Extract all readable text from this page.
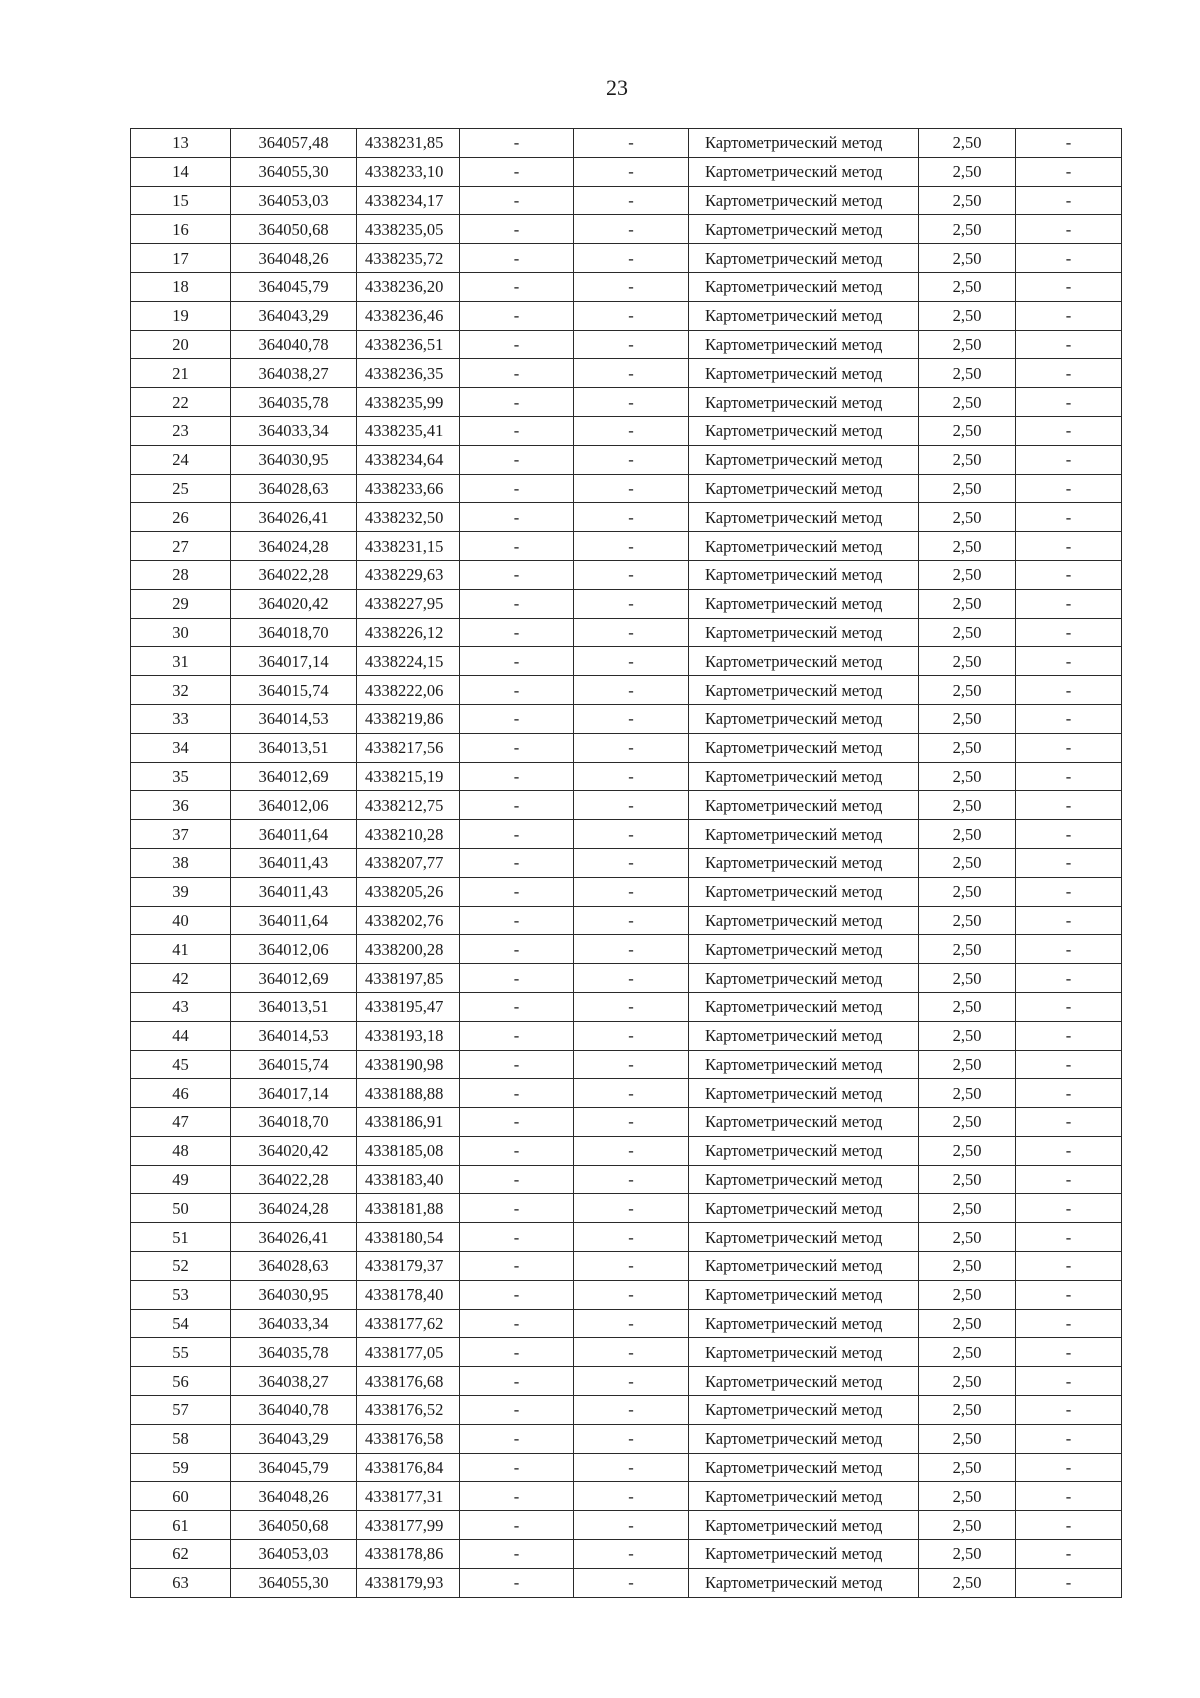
23
13	364057,48	4338231,85	-	-	Картометрический метод	2,50	-
14	364055,30	4338233,10	-	-	Картометрический метод	2,50	-
15	364053,03	4338234,17	-	-	Картометрический метод	2,50	-
16	364050,68	4338235,05	-	-	Картометрический метод	2,50	-
17	364048,26	4338235,72	-	-	Картометрический метод	2,50	-
18	364045,79	4338236,20	-	-	Картометрический метод	2,50	-
19	364043,29	4338236,46	-	-	Картометрический метод	2,50	-
20	364040,78	4338236,51	-	-	Картометрический метод	2,50	-
21	364038,27	4338236,35	-	-	Картометрический метод	2,50	-
22	364035,78	4338235,99	-	-	Картометрический метод	2,50	-
23	364033,34	4338235,41	-	-	Картометрический метод	2,50	-
24	364030,95	4338234,64	-	-	Картометрический метод	2,50	-
25	364028,63	4338233,66	-	-	Картометрический метод	2,50	-
26	364026,41	4338232,50	-	-	Картометрический метод	2,50	-
27	364024,28	4338231,15	-	-	Картометрический метод	2,50	-
28	364022,28	4338229,63	-	-	Картометрический метод	2,50	-
29	364020,42	4338227,95	-	-	Картометрический метод	2,50	-
30	364018,70	4338226,12	-	-	Картометрический метод	2,50	-
31	364017,14	4338224,15	-	-	Картометрический метод	2,50	-
32	364015,74	4338222,06	-	-	Картометрический метод	2,50	-
33	364014,53	4338219,86	-	-	Картометрический метод	2,50	-
34	364013,51	4338217,56	-	-	Картометрический метод	2,50	-
35	364012,69	4338215,19	-	-	Картометрический метод	2,50	-
36	364012,06	4338212,75	-	-	Картометрический метод	2,50	-
37	364011,64	4338210,28	-	-	Картометрический метод	2,50	-
38	364011,43	4338207,77	-	-	Картометрический метод	2,50	-
39	364011,43	4338205,26	-	-	Картометрический метод	2,50	-
40	364011,64	4338202,76	-	-	Картометрический метод	2,50	-
41	364012,06	4338200,28	-	-	Картометрический метод	2,50	-
42	364012,69	4338197,85	-	-	Картометрический метод	2,50	-
43	364013,51	4338195,47	-	-	Картометрический метод	2,50	-
44	364014,53	4338193,18	-	-	Картометрический метод	2,50	-
45	364015,74	4338190,98	-	-	Картометрический метод	2,50	-
46	364017,14	4338188,88	-	-	Картометрический метод	2,50	-
47	364018,70	4338186,91	-	-	Картометрический метод	2,50	-
48	364020,42	4338185,08	-	-	Картометрический метод	2,50	-
49	364022,28	4338183,40	-	-	Картометрический метод	2,50	-
50	364024,28	4338181,88	-	-	Картометрический метод	2,50	-
51	364026,41	4338180,54	-	-	Картометрический метод	2,50	-
52	364028,63	4338179,37	-	-	Картометрический метод	2,50	-
53	364030,95	4338178,40	-	-	Картометрический метод	2,50	-
54	364033,34	4338177,62	-	-	Картометрический метод	2,50	-
55	364035,78	4338177,05	-	-	Картометрический метод	2,50	-
56	364038,27	4338176,68	-	-	Картометрический метод	2,50	-
57	364040,78	4338176,52	-	-	Картометрический метод	2,50	-
58	364043,29	4338176,58	-	-	Картометрический метод	2,50	-
59	364045,79	4338176,84	-	-	Картометрический метод	2,50	-
60	364048,26	4338177,31	-	-	Картометрический метод	2,50	-
61	364050,68	4338177,99	-	-	Картометрический метод	2,50	-
62	364053,03	4338178,86	-	-	Картометрический метод	2,50	-
63	364055,30	4338179,93	-	-	Картометрический метод	2,50	-
